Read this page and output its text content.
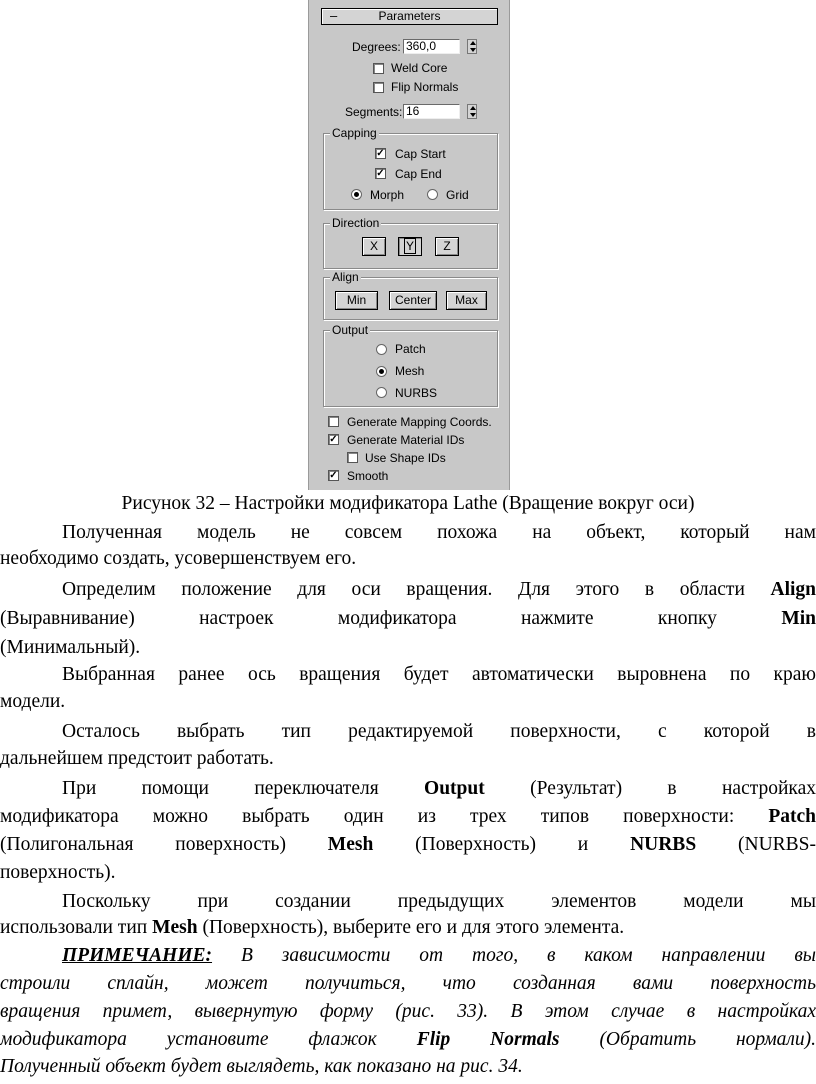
–	Parameters
Degrees: 360,0
Weld Core
Flip Normals
Segments: 16
Capping
✓ Cap Start
✓ Cap End
Morph	Grid
Direction
X	Y	Z
Align
Min	Center	Max
Output
Patch
Mesh
NURBS
Generate Mapping Coords.
✓ Generate Material IDs
Use Shape IDs
✓ Smooth
Рисунок 32 – Настройки модификатора Lathe (Вращение вокруг оси)
Полученная модель не совсем похожа на объект, который нам
необходимо создать, усовершенствуем его.
Определим положение для оси вращения. Для этого в области Align
(Выравнивание) настроек модификатора нажмите кнопку	Min
(Минимальный).
Выбранная ранее ось вращения будет автоматически выровнена по краю
модели.
Осталось выбрать тип редактируемой поверхности, с которой в
дальнейшем предстоит работать.
При помощи переключателя Output (Результат) в настройках
модификатора можно выбрать один из трех типов поверхности: Patch
(Полигональная поверхность) Mesh (Поверхность) и NURBS (NURBS-
поверхность).
Поскольку при создании предыдущих элементов модели мы
использовали тип Mesh (Поверхность), выберите его и для этого элемента.
ПРИМЕЧАНИЕ: В зависимости от того, в каком направлении вы
строили сплайн, может получиться, что созданная вами поверхность
вращения примет, вывернутую форму (рис. 33). В этом случае в настройках
модификатора установите флажок Flip Normals (Обратить нормали).
Полученный объект будет выглядеть, как показано на рис. 34.
